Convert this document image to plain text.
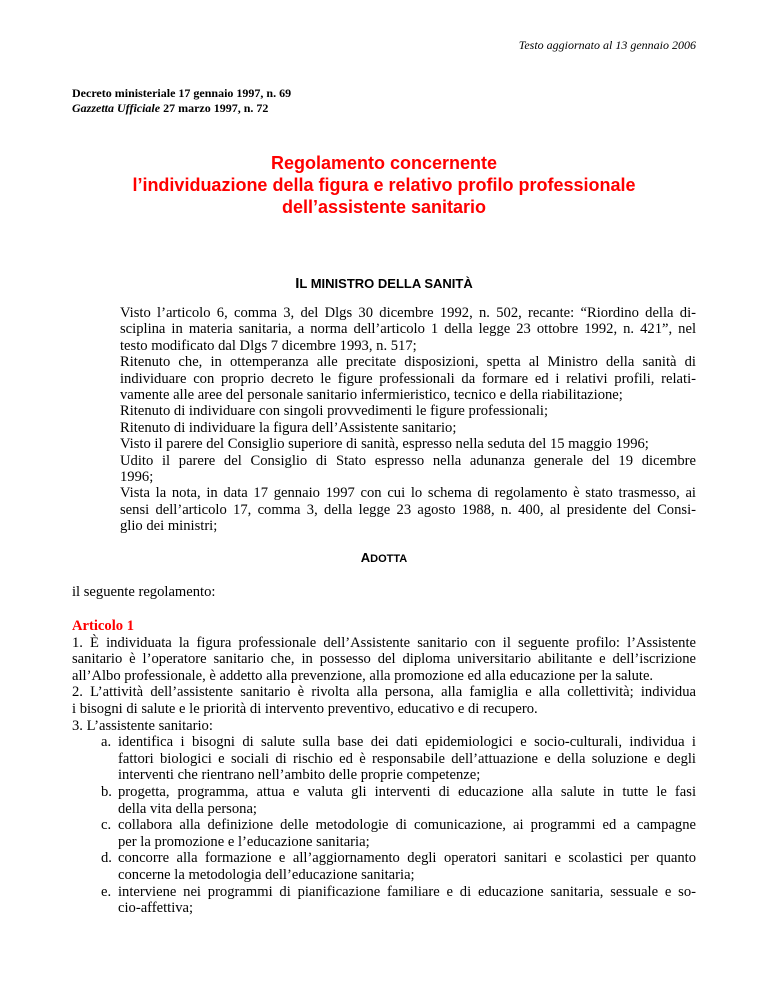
Testo aggiornato al 13 gennaio 2006
Decreto ministeriale 17 gennaio 1997, n. 69
Gazzetta Ufficiale 27 marzo 1997, n. 72
Regolamento concernente
l’individuazione della figura e relativo profilo professionale
dell’assistente sanitario
IL MINISTRO DELLA SANITÀ
Visto l’articolo 6, comma 3, del Dlgs 30 dicembre 1992, n. 502, recante: “Riordino della di-
sciplina in materia sanitaria, a norma dell’articolo 1 della legge 23 ottobre 1992, n. 421”, nel
testo modificato dal Dlgs 7 dicembre 1993, n. 517;
Ritenuto che, in ottemperanza alle precitate disposizioni, spetta al Ministro della sanità di
individuare con proprio decreto le figure professionali da formare ed i relativi profili, relati-
vamente alle aree del personale sanitario infermieristico, tecnico e della riabilitazione;
Ritenuto di individuare con singoli provvedimenti le figure professionali;
Ritenuto di individuare la figura dell’Assistente sanitario;
Visto il parere del Consiglio superiore di sanità, espresso nella seduta del 15 maggio 1996;
Udito il parere del Consiglio di Stato espresso nella adunanza generale del 19 dicembre
1996;
Vista la nota, in data 17 gennaio 1997 con cui lo schema di regolamento è stato trasmesso, ai
sensi dell’articolo 17, comma 3, della legge 23 agosto 1988, n. 400, al presidente del Consi-
glio dei ministri;
ADOTTA
il seguente regolamento:
Articolo 1
1. È individuata la figura professionale dell’Assistente sanitario con il seguente profilo: l’Assistente
sanitario è l’operatore sanitario che, in possesso del diploma universitario abilitante e dell’iscrizione
all’Albo professionale, è addetto alla prevenzione, alla promozione ed alla educazione per la salute.
2. L’attività dell’assistente sanitario è rivolta alla persona, alla famiglia e alla collettività; individua
i bisogni di salute e le priorità di intervento preventivo, educativo e di recupero.
3. L’assistente sanitario:
a. identifica i bisogni di salute sulla base dei dati epidemiologici e socio-culturali, individua i
fattori biologici e sociali di rischio ed è responsabile dell’attuazione e della soluzione e degli
interventi che rientrano nell’ambito delle proprie competenze;
b. progetta, programma, attua e valuta gli interventi di educazione alla salute in tutte le fasi
della vita della persona;
c. collabora alla definizione delle metodologie di comunicazione, ai programmi ed a campagne
per la promozione e l’educazione sanitaria;
d. concorre alla formazione e all’aggiornamento degli operatori sanitari e scolastici per quanto
concerne la metodologia dell’educazione sanitaria;
e. interviene nei programmi di pianificazione familiare e di educazione sanitaria, sessuale e so-
cio-affettiva;
